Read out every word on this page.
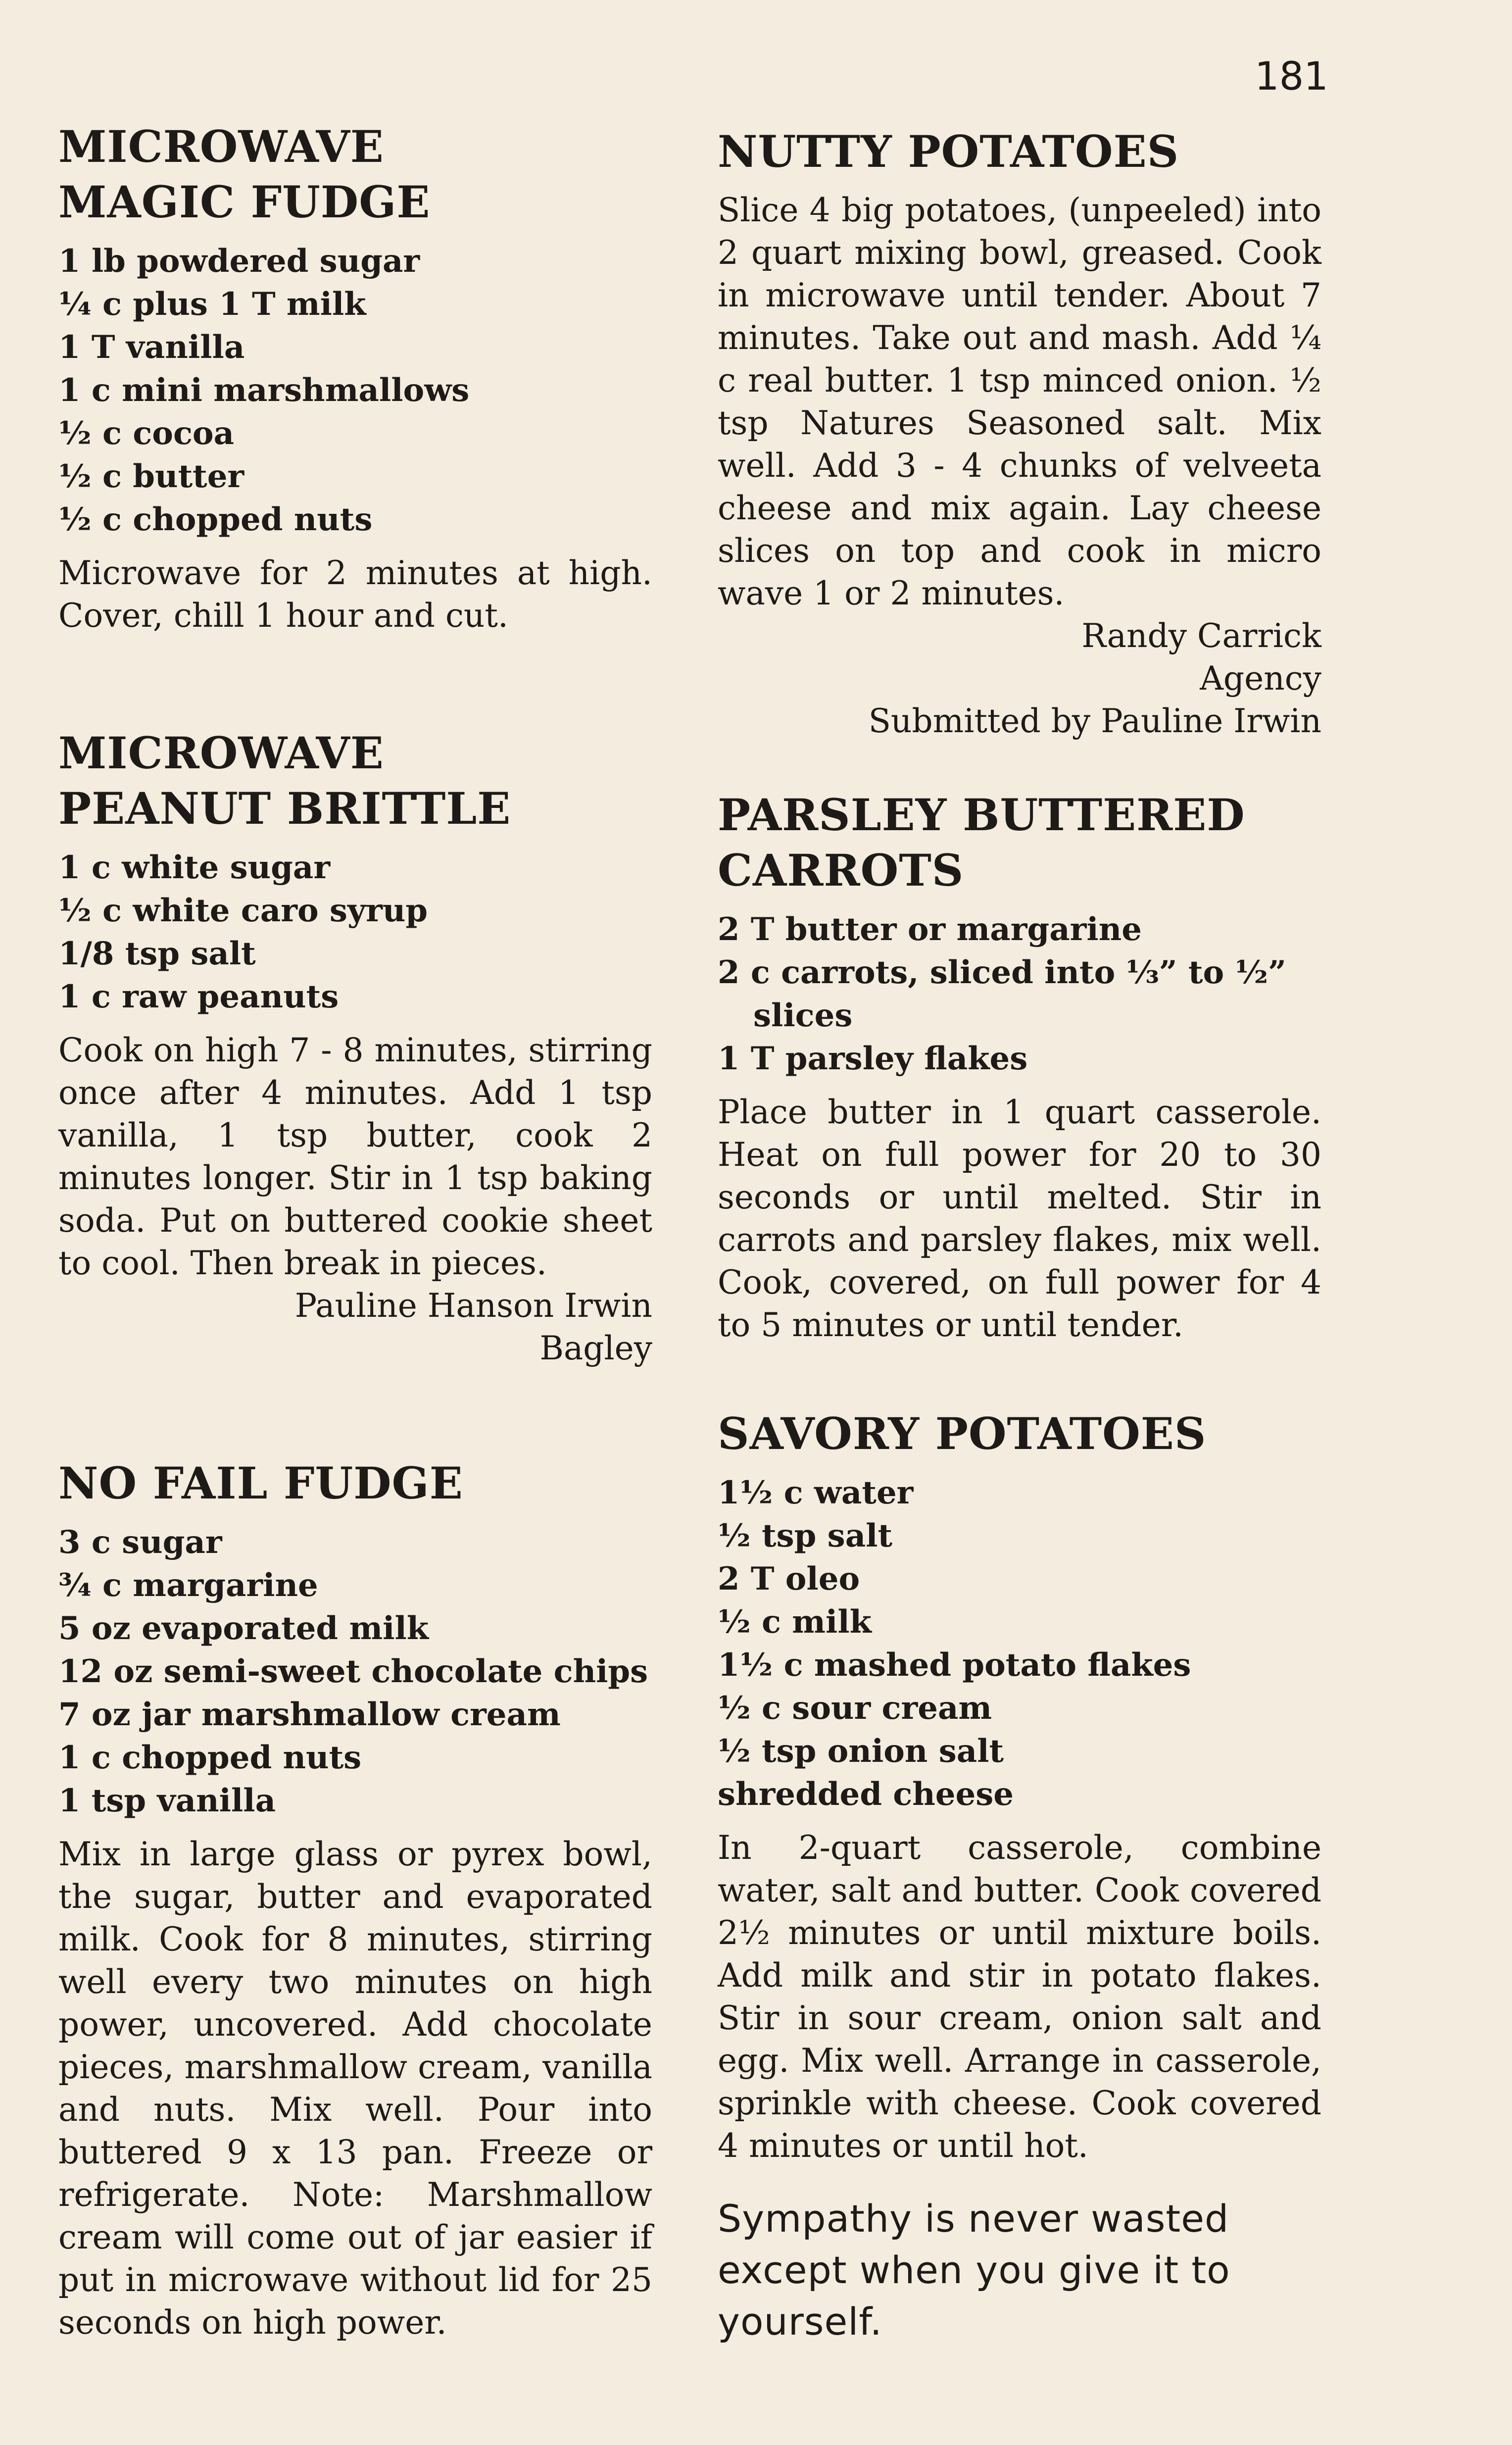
181
MICROWAVE MAGIC FUDGE
1 lb powdered sugar
¼ c plus 1 T milk
1 T vanilla
1 c mini marshmallows
½ c cocoa
½ c butter
½ c chopped nuts

Microwave for 2 minutes at high. Cover, chill 1 hour and cut.

MICROWAVE PEANUT BRITTLE
1 c white sugar
½ c white caro syrup
1/8 tsp salt
1 c raw peanuts

Cook on high 7 - 8 minutes, stirring once after 4 minutes. Add 1 tsp vanilla, 1 tsp butter, cook 2 minutes longer. Stir in 1 tsp baking soda. Put on buttered cookie sheet to cool. Then break in pieces.

Pauline Hanson Irwin
Bagley
NO FAIL FUDGE
3 c sugar
¾ c margarine
5 oz evaporated milk
12 oz semi-sweet chocolate chips
7 oz jar marshmallow cream
1 c chopped nuts
1 tsp vanilla

Mix in large glass or pyrex bowl, the sugar, butter and evaporated milk. Cook for 8 minutes, stirring well every two minutes on high power, uncovered. Add chocolate pieces, marshmallow cream, vanilla and nuts. Mix well. Pour into buttered 9 x 13 pan. Freeze or refrigerate. Note: Marshmallow cream will come out of jar easier if put in microwave without lid for 25 seconds on high power.

NUTTY POTATOES

Slice 4 big potatoes, (unpeeled) into 2 quart mixing bowl, greased. Cook in microwave until tender. About 7 minutes. Take out and mash. Add ¼ c real butter. 1 tsp minced onion. ½ tsp Natures Seasoned salt. Mix well. Add 3 - 4 chunks of velveeta cheese and mix again. Lay cheese slices on top and cook in micro wave 1 or 2 minutes.

Randy Carrick
Agency
Submitted by Pauline Irwin
PARSLEY BUTTERED CARROTS
2 T butter or margarine
2 c carrots, sliced into ⅓” to ½” slices
1 T parsley flakes

Place butter in 1 quart casserole. Heat on full power for 20 to 30 seconds or until melted. Stir in carrots and parsley flakes, mix well. Cook, covered, on full power for 4 to 5 minutes or until tender.

SAVORY POTATOES
1½ c water
½ tsp salt
2 T oleo
½ c milk
1½ c mashed potato flakes
½ c sour cream
½ tsp onion salt
shredded cheese

In 2-quart casserole, combine water, salt and butter. Cook covered 2½ minutes or until mixture boils. Add milk and stir in potato flakes. Stir in sour cream, onion salt and egg. Mix well. Arrange in casserole, sprinkle with cheese. Cook covered 4 minutes or until hot.

Sympathy is never wasted except when you give it to yourself.
